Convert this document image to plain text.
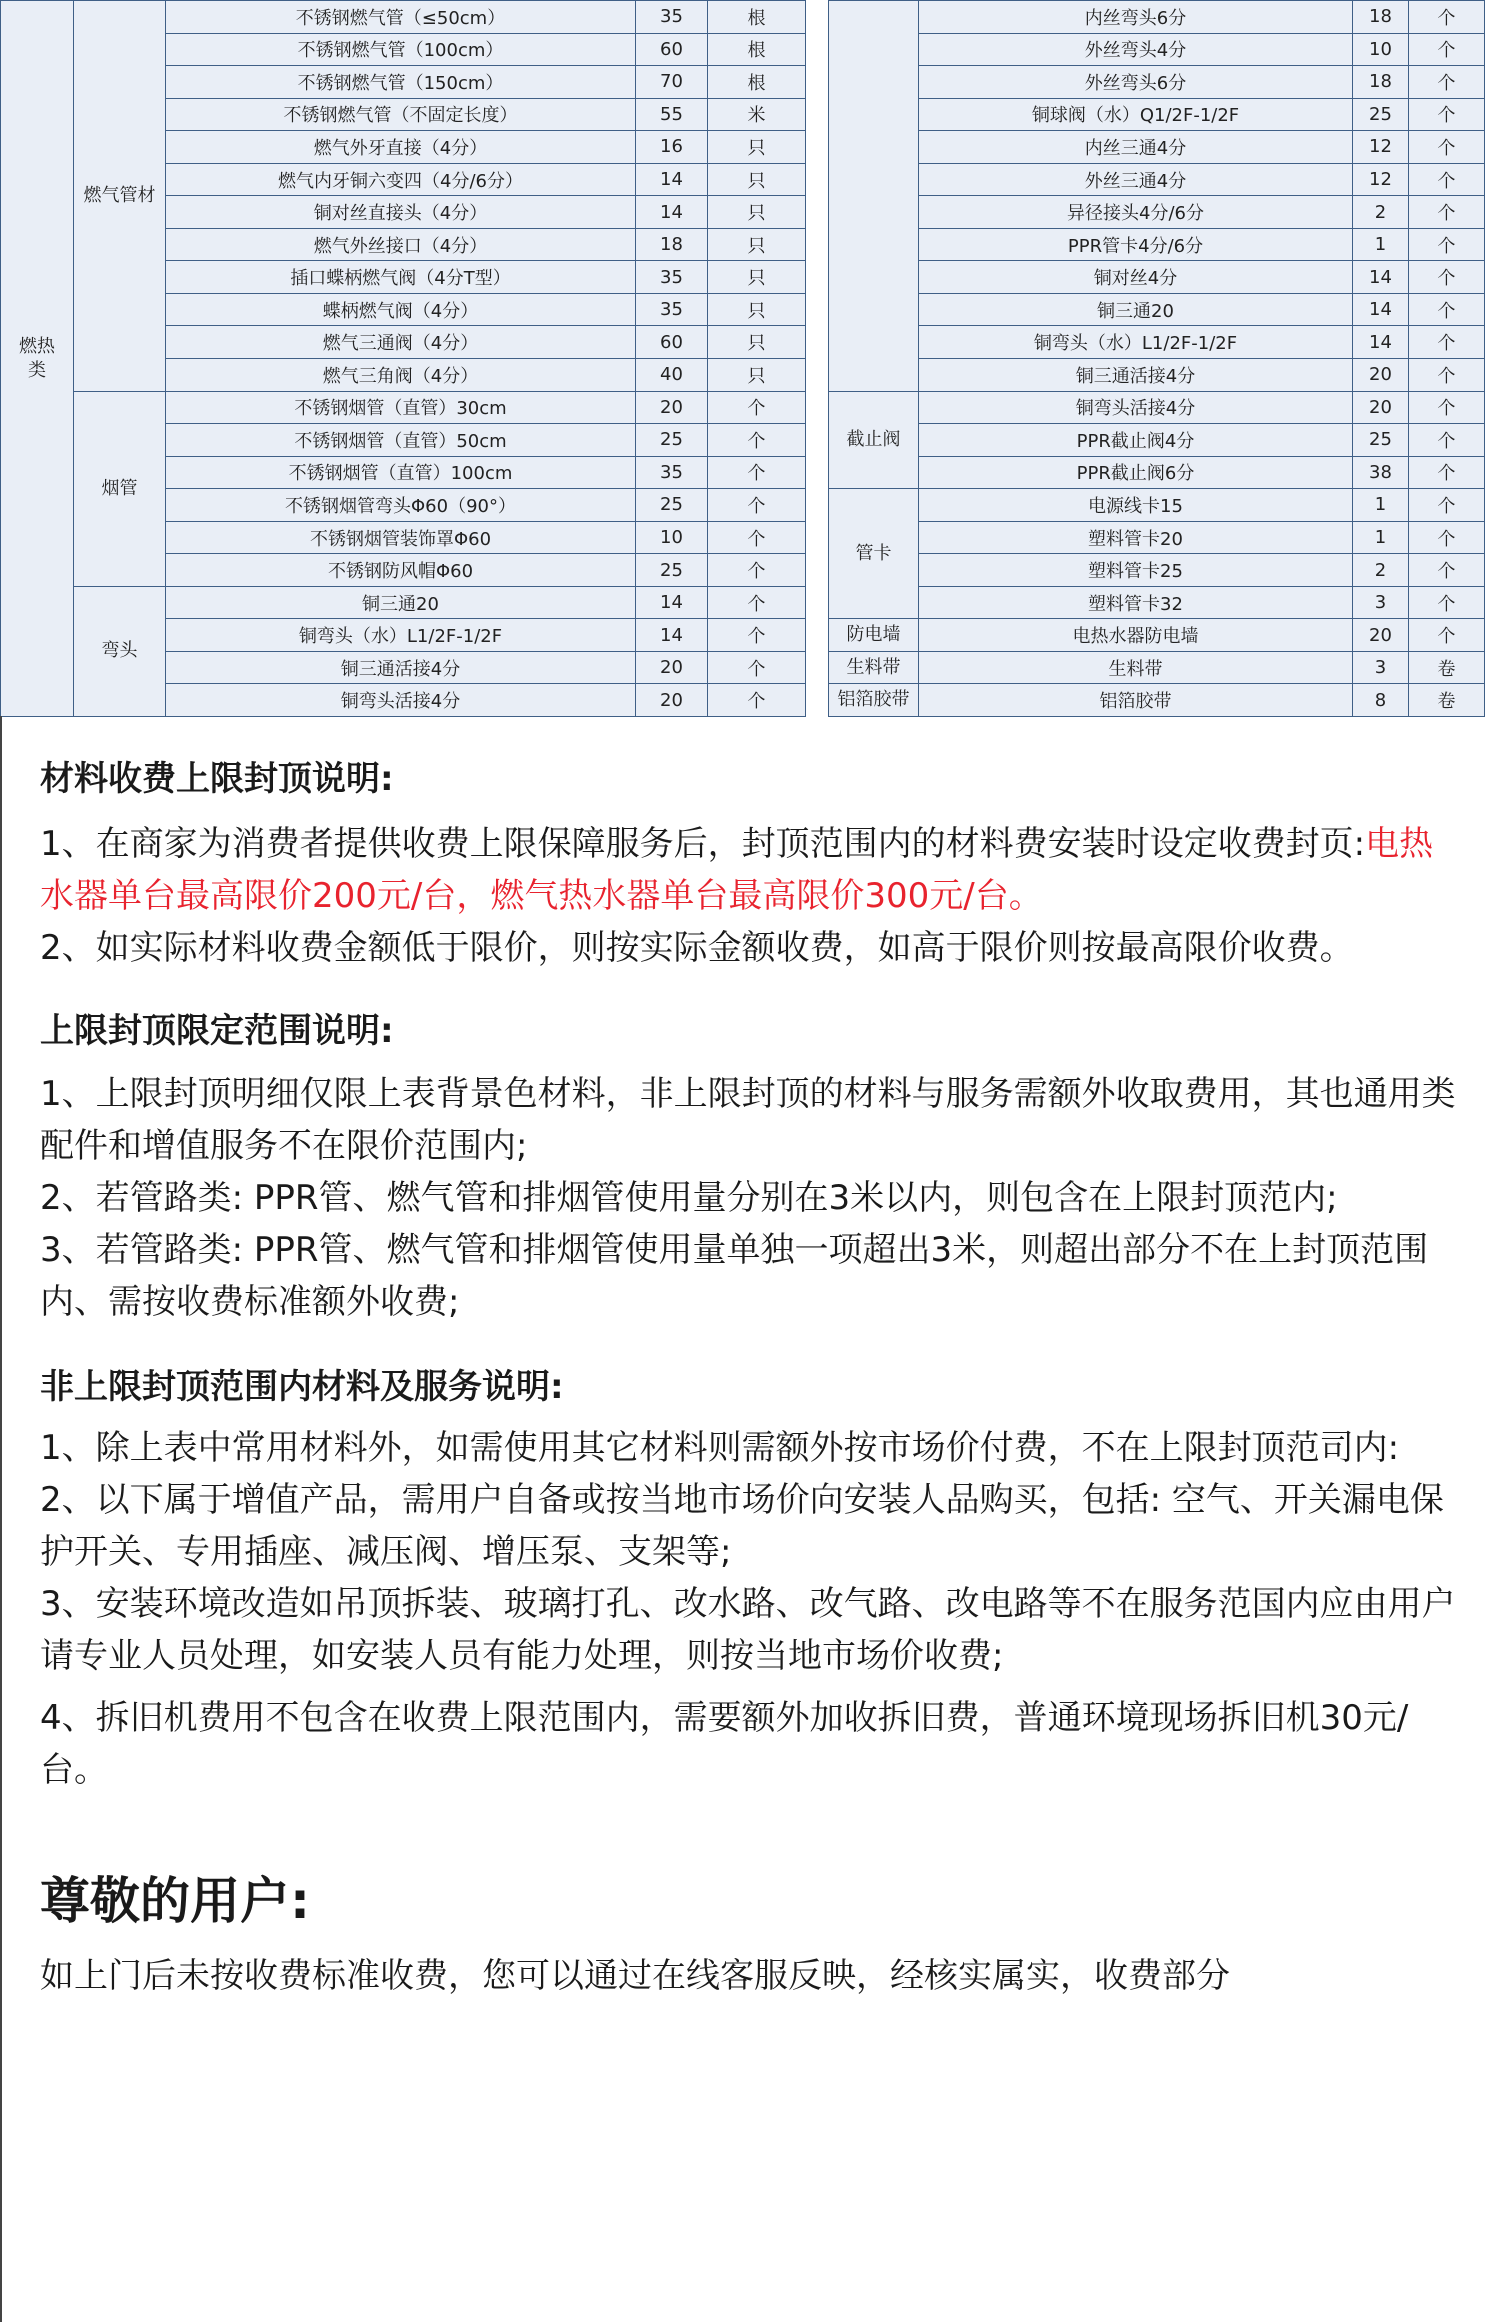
燃热类	燃气管材	不锈钢燃气管（≤50cm）	35	根
		不锈钢燃气管（100cm）	60	根
		不锈钢燃气管（150cm）	70	根
		不锈钢燃气管（不固定长度）	55	米
		燃气外牙直接（4分）	16	只
		燃气内牙铜六变四（4分/6分）	14	只
		铜对丝直接头（4分）	14	只
		燃气外丝接口（4分）	18	只
		插口蝶柄燃气阀（4分T型）	35	只
		蝶柄燃气阀（4分）	35	只
		燃气三通阀（4分）	60	只
		燃气三角阀（4分）	40	只
	烟管	不锈钢烟管（直管）30cm	20	个
		不锈钢烟管（直管）50cm	25	个
		不锈钢烟管（直管）100cm	35	个
		不锈钢烟管弯头Φ60（90°）	25	个
		不锈钢烟管装饰罩Φ60	10	个
		不锈钢防风帽Φ60	25	个
	弯头	铜三通20	14	个
		铜弯头（水）L1/2F-1/2F	14	个
		铜三通活接4分	20	个
		铜弯头活接4分	20	个
	内丝弯头6分	18	个
	外丝弯头4分	10	个
	外丝弯头6分	18	个
	铜球阀（水）Q1/2F-1/2F	25	个
	内丝三通4分	12	个
	外丝三通4分	12	个
	异径接头4分/6分	2	个
	PPR管卡4分/6分	1	个
	铜对丝4分	14	个
	铜三通20	14	个
	铜弯头（水）L1/2F-1/2F	14	个
	铜三通活接4分	20	个
截止阀	铜弯头活接4分	20	个
	PPR截止阀4分	25	个
	PPR截止阀6分	38	个
管卡	电源线卡15	1	个
	塑料管卡20	1	个
	塑料管卡25	2	个
	塑料管卡32	3	个
防电墙	电热水器防电墙	20	个
生料带	生料带	3	卷
铝箔胶带	铝箔胶带	8	卷

材料收费上限封顶说明:

1、在商家为消费者提供收费上限保障服务后，封顶范围内的材料费安装时设定收费封页:电热水器单台最高限价200元/台，燃气热水器单台最高限价300元/台。

2、如实际材料收费金额低于限价，则按实际金额收费，如高于限价则按最高限价收费。

上限封顶限定范围说明:

1、上限封顶明细仅限上表背景色材料，非上限封顶的材料与服务需额外收取费用，其也通用类配件和增值服务不在限价范围内;

2、若管路类: PPR管、燃气管和排烟管使用量分别在3米以内，则包含在上限封顶范内;

3、若管路类: PPR管、燃气管和排烟管使用量单独一项超出3米，则超出部分不在上封顶范围内、需按收费标准额外收费;

非上限封顶范围内材料及服务说明:

1、除上表中常用材料外，如需使用其它材料则需额外按市场价付费，不在上限封顶范司内:

2、以下属于增值产品，需用户自备或按当地市场价向安装人品购买，包括: 空气、开关漏电保护开关、专用插座、减压阀、增压泵、支架等;

3、安装环境改造如吊顶拆装、玻璃打孔、改水路、改气路、改电路等不在服务范国内应由用户请专业人员处理，如安装人员有能力处理，则按当地市场价收费;

4、拆旧机费用不包含在收费上限范围内，需要额外加收拆旧费，普通环境现场拆旧机30元/台。

尊敬的用户:

如上门后未按收费标准收费，您可以通过在线客服反映，经核实属实，收费部分
